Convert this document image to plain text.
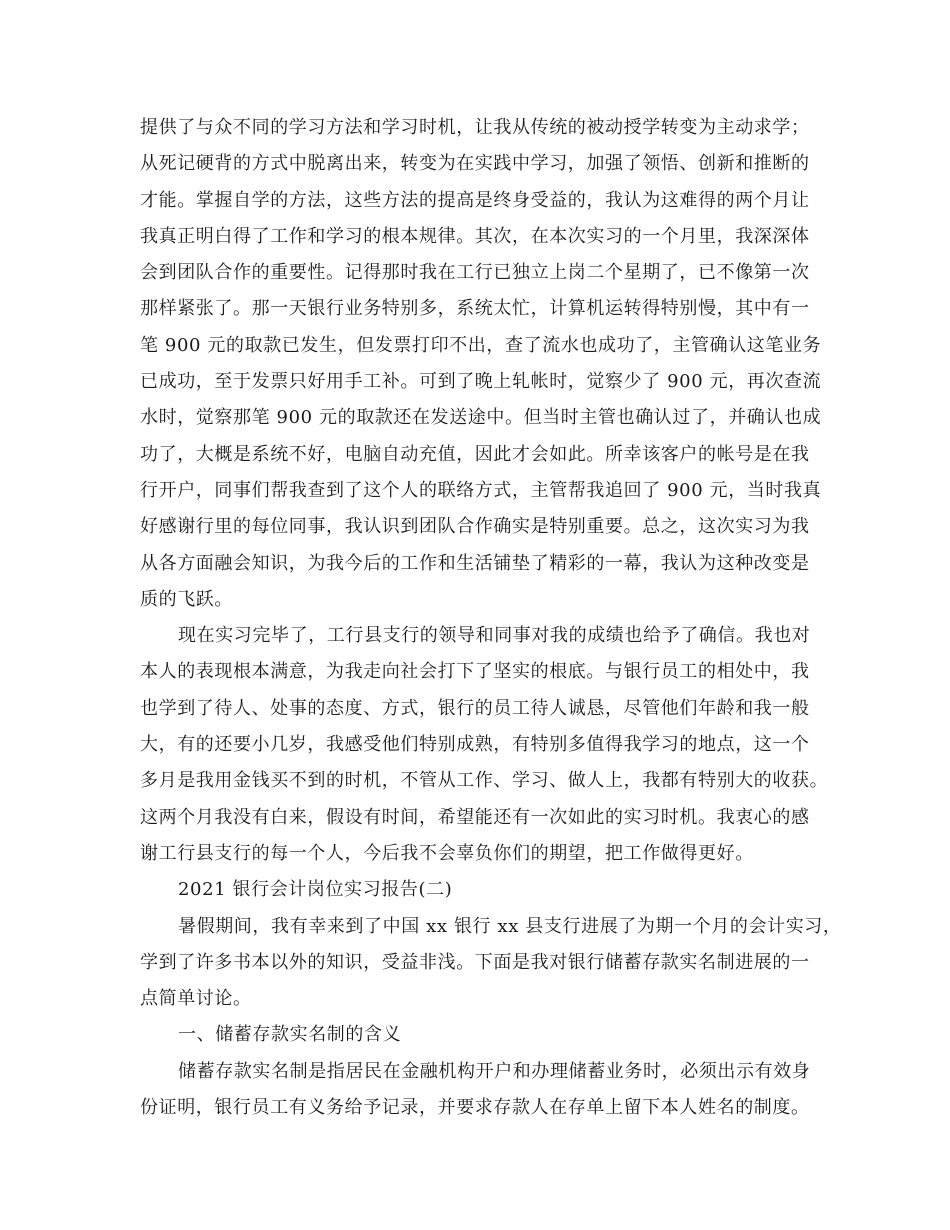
提供了与众不同的学习方法和学习时机，让我从传统的被动授学转变为主动求学；
从死记硬背的方式中脱离出来，转变为在实践中学习，加强了领悟、创新和推断的
才能。掌握自学的方法，这些方法的提高是终身受益的，我认为这难得的两个月让
我真正明白得了工作和学习的根本规律。其次，在本次实习的一个月里，我深深体
会到团队合作的重要性。记得那时我在工行已独立上岗二个星期了，已不像第一次
那样紧张了。那一天银行业务特别多，系统太忙，计算机运转得特别慢，其中有一
笔 900 元的取款已发生，但发票打印不出，查了流水也成功了，主管确认这笔业务
已成功，至于发票只好用手工补。可到了晚上轧帐时，觉察少了 900 元，再次查流
水时，觉察那笔 900 元的取款还在发送途中。但当时主管也确认过了，并确认也成
功了，大概是系统不好，电脑自动充值，因此才会如此。所幸该客户的帐号是在我
行开户，同事们帮我查到了这个人的联络方式，主管帮我追回了 900 元，当时我真
好感谢行里的每位同事，我认识到团队合作确实是特别重要。总之，这次实习为我
从各方面融会知识，为我今后的工作和生活铺垫了精彩的一幕，我认为这种改变是
质的飞跃。
现在实习完毕了，工行县支行的领导和同事对我的成绩也给予了确信。我也对
本人的表现根本满意，为我走向社会打下了坚实的根底。与银行员工的相处中，我
也学到了待人、处事的态度、方式，银行的员工待人诚恳，尽管他们年龄和我一般
大，有的还要小几岁，我感受他们特别成熟，有特别多值得我学习的地点，这一个
多月是我用金钱买不到的时机，不管从工作、学习、做人上，我都有特别大的收获。
这两个月我没有白来，假设有时间，希望能还有一次如此的实习时机。我衷心的感
谢工行县支行的每一个人，今后我不会辜负你们的期望，把工作做得更好。
2021 银行会计岗位实习报告(二)
暑假期间，我有幸来到了中国 xx 银行 xx 县支行进展了为期一个月的会计实习，
学到了许多书本以外的知识，受益非浅。下面是我对银行储蓄存款实名制进展的一
点简单讨论。
一、储蓄存款实名制的含义
储蓄存款实名制是指居民在金融机构开户和办理储蓄业务时，必须出示有效身
份证明，银行员工有义务给予记录，并要求存款人在存单上留下本人姓名的制度。
